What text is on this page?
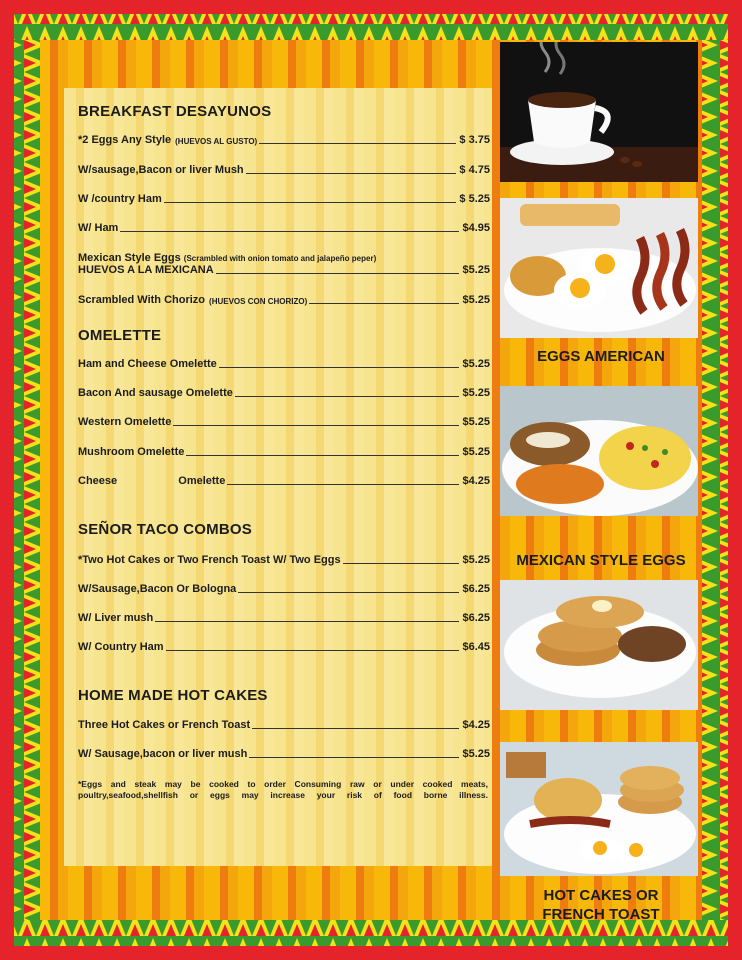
BREAKFAST DESAYUNOS
*2 Eggs Any Style (HUEVOS AL GUSTO)	$ 3.75
W/sausage,Bacon or liver Mush	$ 4.75
W /country Ham	$ 5.25
W/ Ham	$4.95
Mexican Style Eggs (Scrambled with onion tomato and jalapeño peper)
HUEVOS A LA MEXICANA	$5.25
Scrambled With Chorizo (HUEVOS CON CHORIZO)	$5.25
OMELETTE
Ham and Cheese Omelette	$5.25
Bacon And sausage Omelette	$5.25
Western Omelette	$5.25
Mushroom Omelette	$5.25
Cheese                    Omelette	$4.25
SEÑOR TACO COMBOS
*Two Hot Cakes or Two French Toast W/ Two Eggs	$5.25
W/Sausage,Bacon Or Bologna	$6.25
W/ Liver mush	$6.25
W/ Country Ham	$6.45
HOME MADE HOT CAKES
Three Hot Cakes or French Toast	$4.25
W/ Sausage,bacon or liver mush	$5.25
*Eggs and steak may be cooked to order Consuming raw or under cooked meats, poultry,seafood,shellfish or eggs may increase your risk of food borne illness.
EGGS AMERICAN
MEXICAN STYLE EGGS
HOT CAKES OR
FRENCH TOAST
